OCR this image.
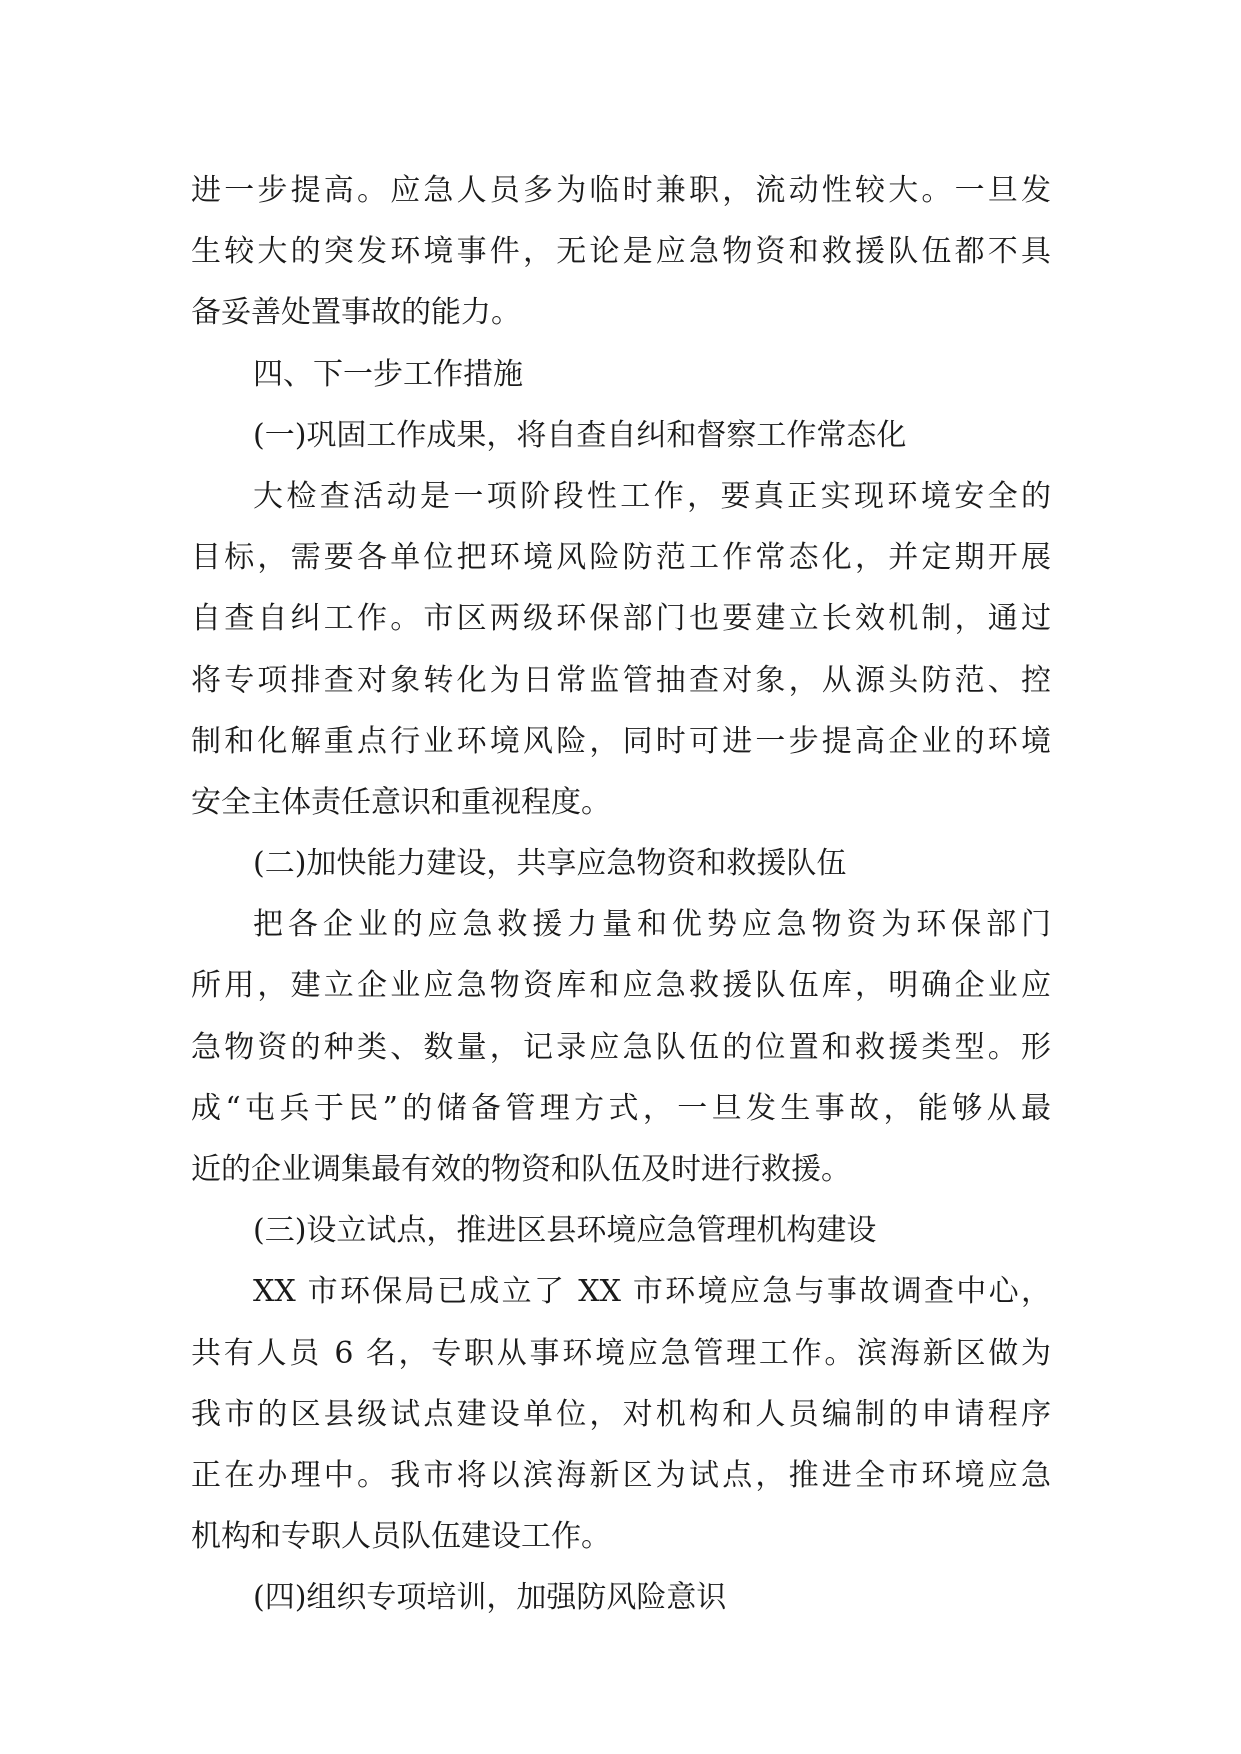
进一步提高。应急人员多为临时兼职，流动性较大。一旦发
生较大的突发环境事件，无论是应急物资和救援队伍都不具
备妥善处置事故的能力。
四、下一步工作措施
(一)巩固工作成果，将自查自纠和督察工作常态化
大检查活动是一项阶段性工作，要真正实现环境安全的
目标，需要各单位把环境风险防范工作常态化，并定期开展
自查自纠工作。市区两级环保部门也要建立长效机制，通过
将专项排查对象转化为日常监管抽查对象，从源头防范、控
制和化解重点行业环境风险，同时可进一步提高企业的环境
安全主体责任意识和重视程度。
(二)加快能力建设，共享应急物资和救援队伍
把各企业的应急救援力量和优势应急物资为环保部门
所用，建立企业应急物资库和应急救援队伍库，明确企业应
急物资的种类、数量，记录应急队伍的位置和救援类型。形
成“屯兵于民”的储备管理方式，一旦发生事故，能够从最
近的企业调集最有效的物资和队伍及时进行救援。
(三)设立试点，推进区县环境应急管理机构建设
XX 市环保局已成立了 XX 市环境应急与事故调查中心，
共有人员 6 名，专职从事环境应急管理工作。滨海新区做为
我市的区县级试点建设单位，对机构和人员编制的申请程序
正在办理中。我市将以滨海新区为试点，推进全市环境应急
机构和专职人员队伍建设工作。
(四)组织专项培训，加强防风险意识
